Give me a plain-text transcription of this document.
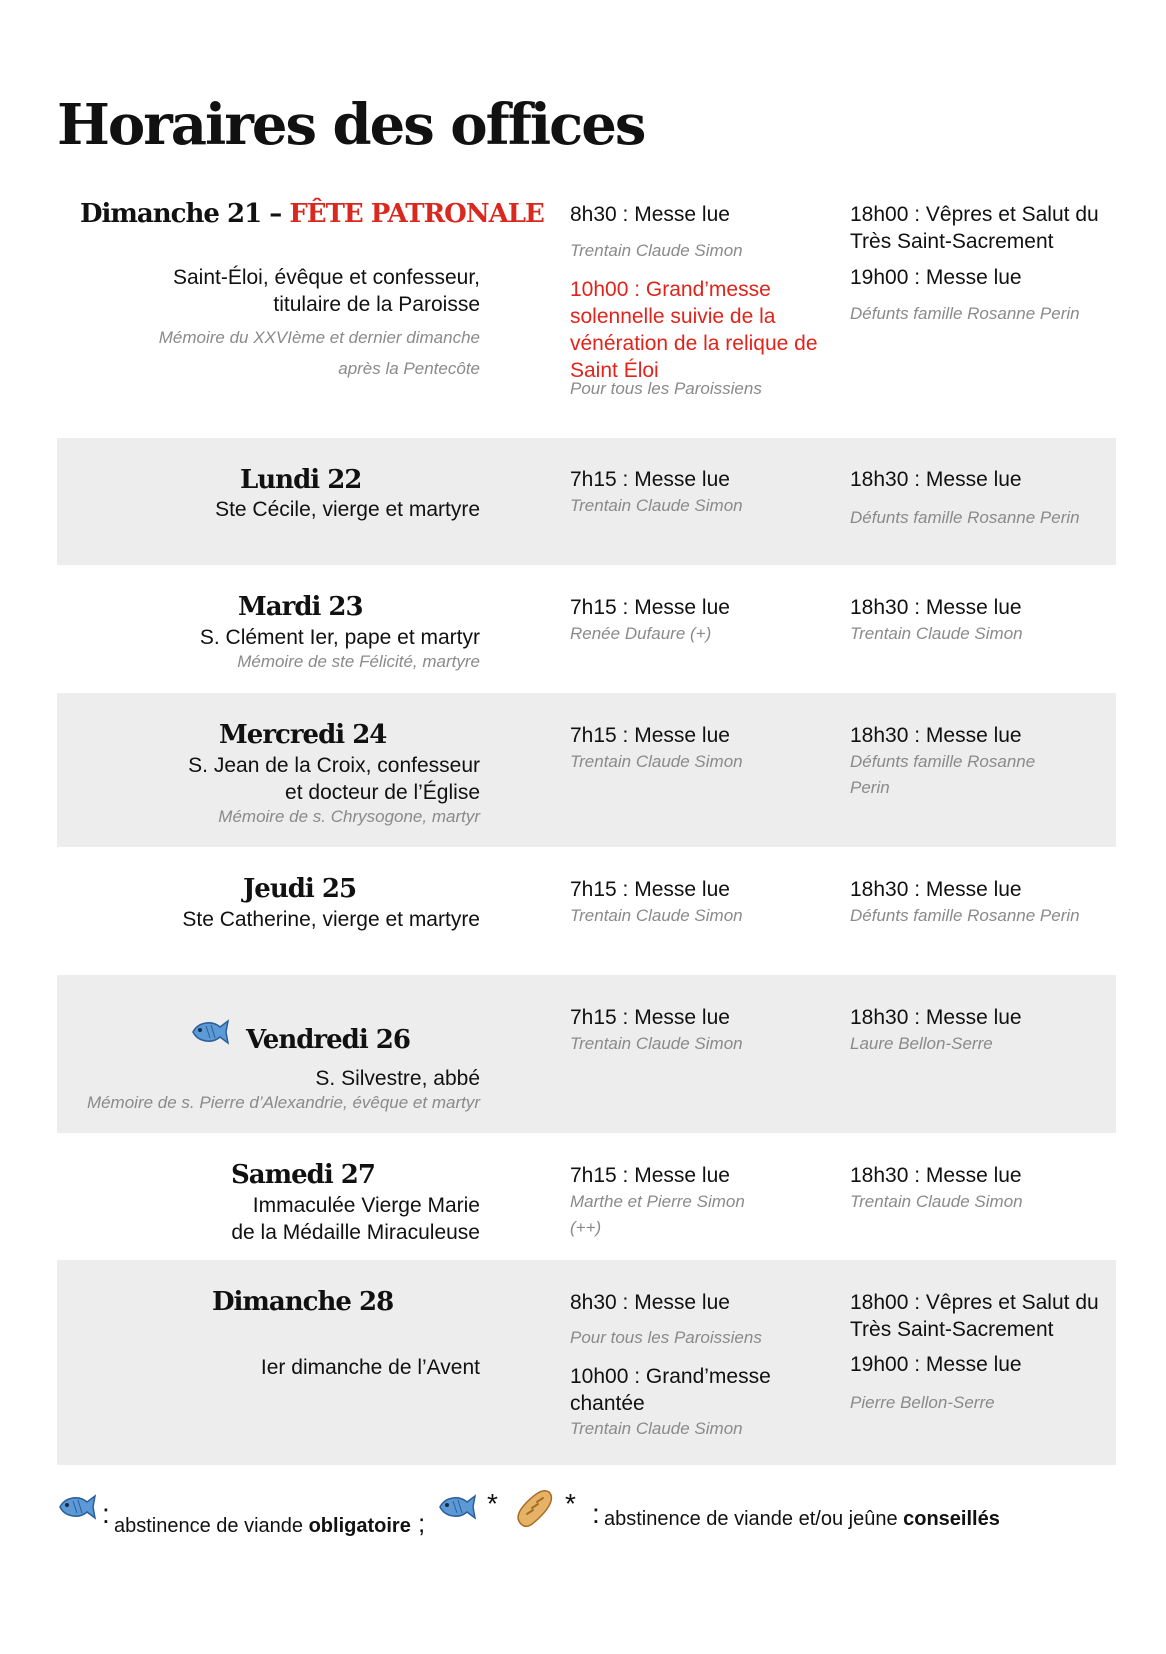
Horaires des offices
Dimanche 21 – FÊTE PATRONALE
Saint-Éloi, évêque et confesseur,
titulaire de la Paroisse
Mémoire du XXVIème et dernier dimanche
après la Pentecôte
8h30 : Messe lue
Trentain Claude Simon
10h00 : Grand’messe solennelle suivie de la vénération de la relique de Saint Éloi
Pour tous les Paroissiens
18h00 : Vêpres et Salut du Très Saint-Sacrement
19h00 : Messe lue
Défunts famille Rosanne Perin
Lundi 22
Ste Cécile, vierge et martyre
7h15 : Messe lue
Trentain Claude Simon
18h30 : Messe lue
Défunts famille Rosanne Perin
Mardi 23
S. Clément Ier, pape et martyr
Mémoire de ste Félicité, martyre
7h15 : Messe lue
Renée Dufaure (+)
18h30 : Messe lue
Trentain Claude Simon
Mercredi 24
S. Jean de la Croix, confesseur
et docteur de l’Église
Mémoire de s. Chrysogone, martyr
7h15 : Messe lue
Trentain Claude Simon
18h30 : Messe lue
Défunts famille Rosanne Perin
Jeudi 25
Ste Catherine, vierge et martyre
7h15 : Messe lue
Trentain Claude Simon
18h30 : Messe lue
Défunts famille Rosanne Perin
Vendredi 26
S. Silvestre, abbé
Mémoire de s. Pierre d’Alexandrie, évêque et martyr
7h15 : Messe lue
Trentain Claude Simon
18h30 : Messe lue
Laure Bellon-Serre
Samedi 27
Immaculée Vierge Marie
de la Médaille Miraculeuse
7h15 : Messe lue
Marthe et Pierre Simon (++)
18h30 : Messe lue
Trentain Claude Simon
Dimanche 28
Ier dimanche de l’Avent
8h30 : Messe lue
Pour tous les Paroissiens
10h00 : Grand’messe chantée
Trentain Claude Simon
18h00 : Vêpres et Salut du Très Saint-Sacrement
19h00 : Messe lue
Pierre Bellon-Serre
: abstinence de viande obligatoire ;
* * : abstinence de viande et/ou jeûne conseillés
